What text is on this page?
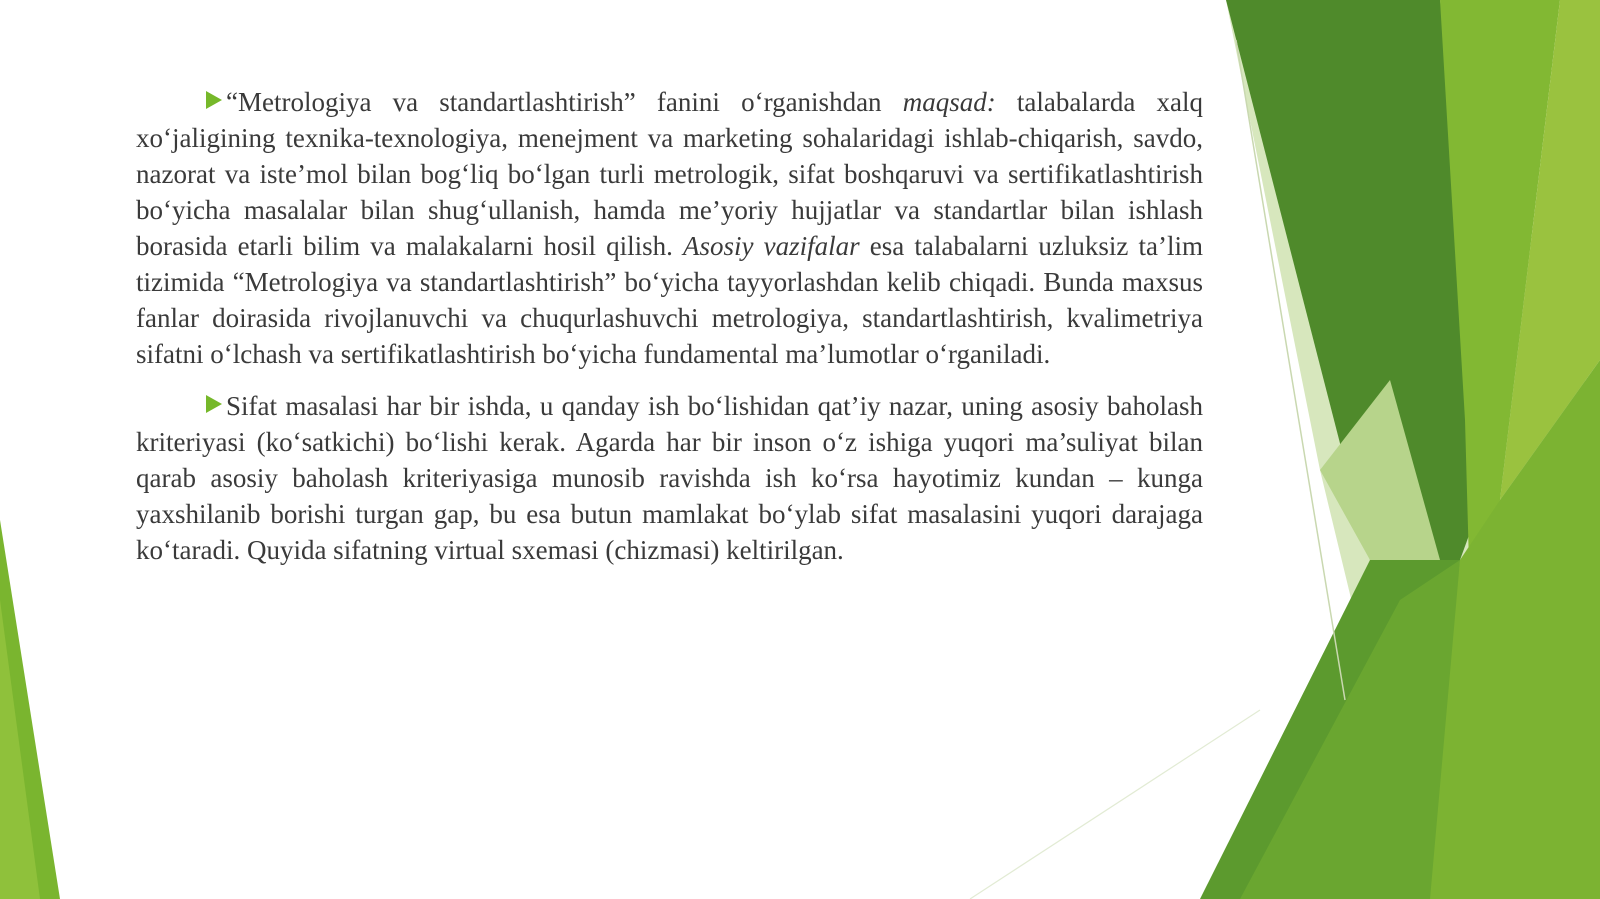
“Metrologiya va standartlashtirish” fanini o‘rganishdan maqsad: talabalarda xalq xo‘jaligining texnika-texnologiya, menejment va marketing sohalaridagi ishlab-chiqarish, savdo, nazorat va iste’mol bilan bog‘liq bo‘lgan turli metrologik, sifat boshqaruvi va sertifikatlashtirish bo‘yicha masalalar bilan shug‘ullanish, hamda me’yoriy hujjatlar va standartlar bilan ishlash borasida etarli bilim va malakalarni hosil qilish. Asosiy vazifalar esa talabalarni uzluksiz ta’lim tizimida “Metrologiya va standartlashtirish” bo‘yicha tayyorlashdan kelib chiqadi. Bunda maxsus fanlar doirasida rivojlanuvchi va chuqurlashuvchi metrologiya, standartlashtirish, kvalimetriya sifatni o‘lchash va sertifikatlashtirish bo‘yicha fundamental ma’lumotlar o‘rganiladi.

Sifat masalasi har bir ishda, u qanday ish bo‘lishidan qat’iy nazar, uning asosiy baholash kriteriyasi (ko‘satkichi) bo‘lishi kerak. Agarda har bir inson o‘z ishiga yuqori ma’suliyat bilan qarab asosiy baholash kriteriyasiga munosib ravishda ish ko‘rsa hayotimiz kundan – kunga yaxshilanib borishi turgan gap, bu esa butun mamlakat bo‘ylab sifat masalasini yuqori darajaga ko‘taradi. Quyida sifatning virtual sxemasi (chizmasi) keltirilgan.
